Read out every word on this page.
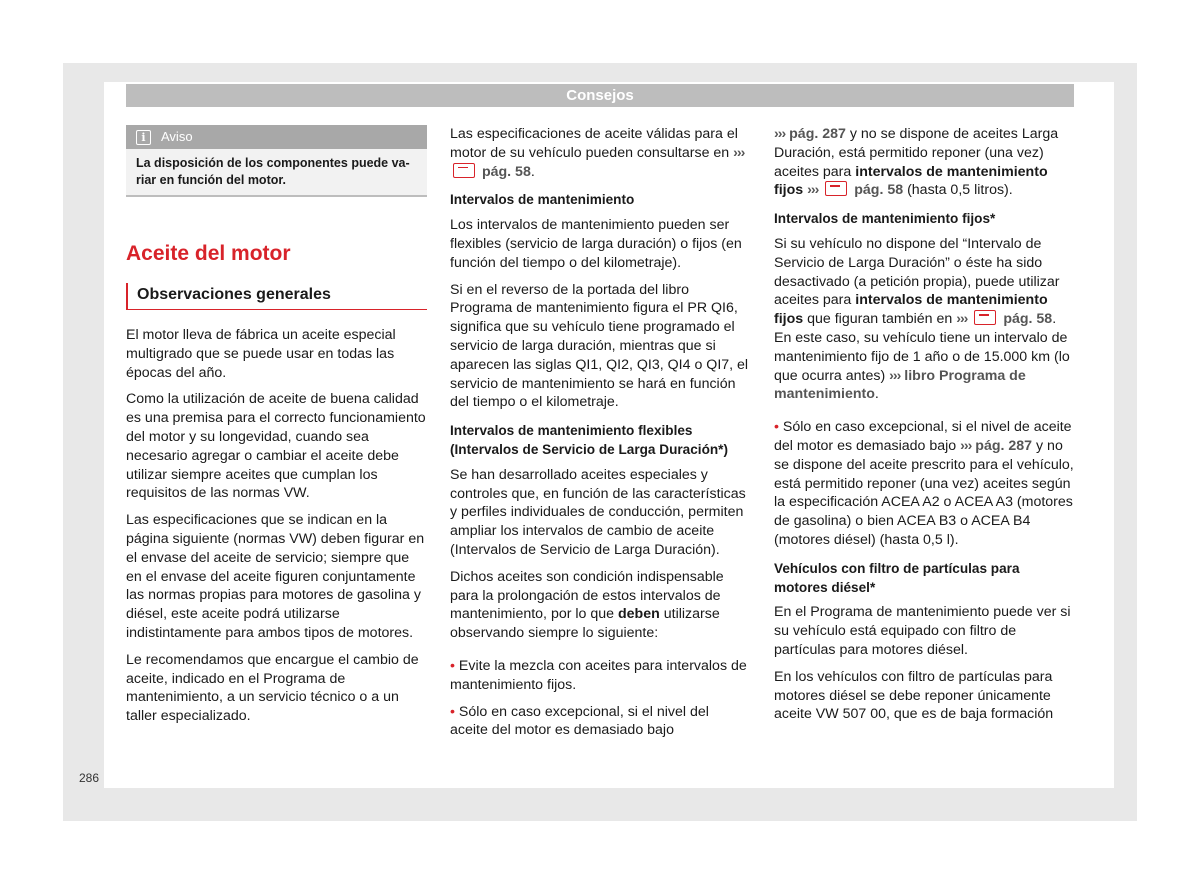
Consejos
286
i	Aviso
La disposición de los componentes puede va-riar en función del motor.
Aceite del motor
Observaciones generales

El motor lleva de fábrica un aceite especial multigrado que se puede usar en todas las épocas del año.

Como la utilización de aceite de buena calidad es una premisa para el correcto funcionamiento del motor y su longevidad, cuando sea necesario agregar o cambiar el aceite debe utilizar siempre aceites que cumplan los requisitos de las normas VW.

Las especificaciones que se indican en la página siguiente (normas VW) deben figurar en el envase del aceite de servicio; siempre que en el envase del aceite figuren conjuntamente las normas propias para motores de gasolina y diésel, este aceite podrá utilizarse indistintamente para ambos tipos de motores.

Le recomendamos que encargue el cambio de aceite, indicado en el Programa de mantenimiento, a un servicio técnico o a un taller especializado.

Las especificaciones de aceite válidas para el motor de su vehículo pueden consultarse en ›››  pág. 58.

Intervalos de mantenimiento

Los intervalos de mantenimiento pueden ser flexibles (servicio de larga duración) o fijos (en función del tiempo o del kilometraje).

Si en el reverso de la portada del libro Programa de mantenimiento figura el PR QI6, significa que su vehículo tiene programado el servicio de larga duración, mientras que si aparecen las siglas QI1, QI2, QI3, QI4 o QI7, el servicio de mantenimiento se hará en función del tiempo o el kilometraje.

Intervalos de mantenimiento flexibles (Intervalos de Servicio de Larga Duración*)

Se han desarrollado aceites especiales y controles que, en función de las características y perfiles individuales de conducción, permiten ampliar los intervalos de cambio de aceite (Intervalos de Servicio de Larga Duración).

Dichos aceites son condición indispensable para la prolongación de estos intervalos de mantenimiento, por lo que deben utilizarse observando siempre lo siguiente:

• Evite la mezcla con aceites para intervalos de mantenimiento fijos.

• Sólo en caso excepcional, si el nivel del aceite del motor es demasiado bajo

››› pág. 287 y no se dispone de aceites Larga Duración, está permitido reponer (una vez) aceites para intervalos de mantenimiento fijos ›››	pág. 58 (hasta 0,5 litros).

Intervalos de mantenimiento fijos*

Si su vehículo no dispone del “Intervalo de Servicio de Larga Duración” o éste ha sido desactivado (a petición propia), puede utilizar aceites para intervalos de mantenimiento fijos que figuran también en ›››	pág. 58. En este caso, su vehículo tiene un intervalo de mantenimiento fijo de 1 año o de 15.000 km (lo que ocurra antes) ››› libro Programa de mantenimiento.

• Sólo en caso excepcional, si el nivel de aceite del motor es demasiado bajo ››› pág. 287 y no se dispone del aceite prescrito para el vehículo, está permitido reponer (una vez) aceites según la especificación ACEA A2 o ACEA A3 (motores de gasolina) o bien ACEA B3 o ACEA B4 (motores diésel) (hasta 0,5 l).

Vehículos con filtro de partículas para motores diésel*

En el Programa de mantenimiento puede ver si su vehículo está equipado con filtro de partículas para motores diésel.

En los vehículos con filtro de partículas para motores diésel se debe reponer únicamente aceite VW 507 00, que es de baja formación
